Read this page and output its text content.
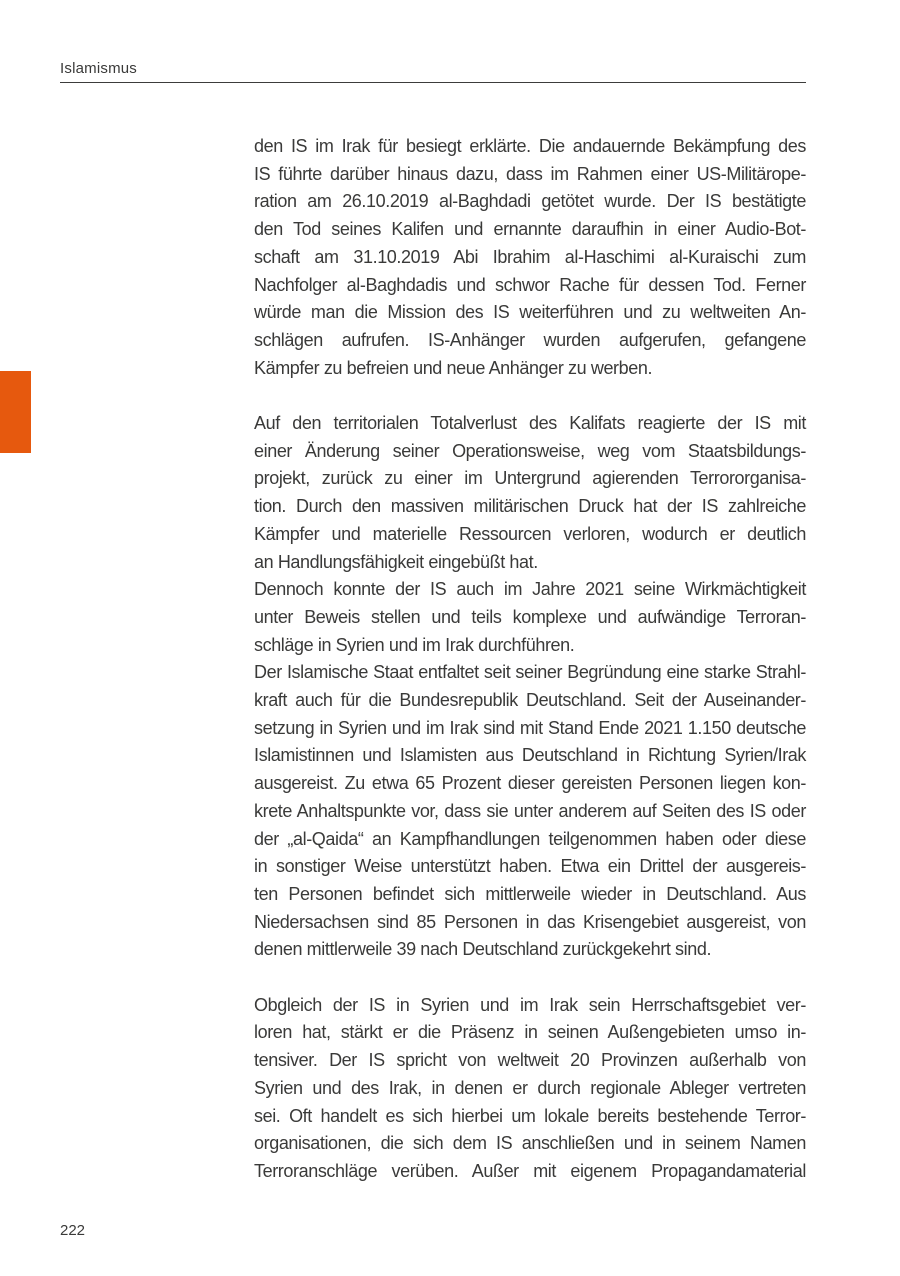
Islamismus
den IS im Irak für besiegt erklärte. Die andauernde Bekämpfung des
IS führte darüber hinaus dazu, dass im Rahmen einer US-Militärope-
ration am 26.10.2019 al-Baghdadi getötet wurde. Der IS bestätigte
den Tod seines Kalifen und ernannte daraufhin in einer Audio-Bot-
schaft am 31.10.2019 Abi Ibrahim al-Haschimi al-Kuraischi zum
Nachfolger al-Baghdadis und schwor Rache für dessen Tod. Ferner
würde man die Mission des IS weiterführen und zu weltweiten An-
schlägen aufrufen. IS-Anhänger wurden aufgerufen, gefangene
Kämpfer zu befreien und neue Anhänger zu werben.
Auf den territorialen Totalverlust des Kalifats reagierte der IS mit
einer Änderung seiner Operationsweise, weg vom Staatsbildungs-
projekt, zurück zu einer im Untergrund agierenden Terrororganisa-
tion. Durch den massiven militärischen Druck hat der IS zahlreiche
Kämpfer und materielle Ressourcen verloren, wodurch er deutlich
an Handlungsfähigkeit eingebüßt hat.
Dennoch konnte der IS auch im Jahre 2021 seine Wirkmächtigkeit
unter Beweis stellen und teils komplexe und aufwändige Terroran-
schläge in Syrien und im Irak durchführen.
Der Islamische Staat entfaltet seit seiner Begründung eine starke Strahl-
kraft auch für die Bundesrepublik Deutschland. Seit der Auseinander-
setzung in Syrien und im Irak sind mit Stand Ende 2021 1.150 deutsche
Islamistinnen und Islamisten aus Deutschland in Richtung Syrien/Irak
ausgereist. Zu etwa 65 Prozent dieser gereisten Personen liegen kon-
krete Anhaltspunkte vor, dass sie unter anderem auf Seiten des IS oder
der „al-Qaida“ an Kampfhandlungen teilgenommen haben oder diese
in sonstiger Weise unterstützt haben. Etwa ein Drittel der ausgereis-
ten Personen befindet sich mittlerweile wieder in Deutschland. Aus
Niedersachsen sind 85 Personen in das Krisengebiet ausgereist, von
denen mittlerweile 39 nach Deutschland zurückgekehrt sind.
Obgleich der IS in Syrien und im Irak sein Herrschaftsgebiet ver-
loren hat, stärkt er die Präsenz in seinen Außengebieten umso in-
tensiver. Der IS spricht von weltweit 20 Provinzen außerhalb von
Syrien und des Irak, in denen er durch regionale Ableger vertreten
sei. Oft handelt es sich hierbei um lokale bereits bestehende Terror-
organisationen, die sich dem IS anschließen und in seinem Namen
Terroranschläge verüben. Außer mit eigenem Propagandamaterial
222
